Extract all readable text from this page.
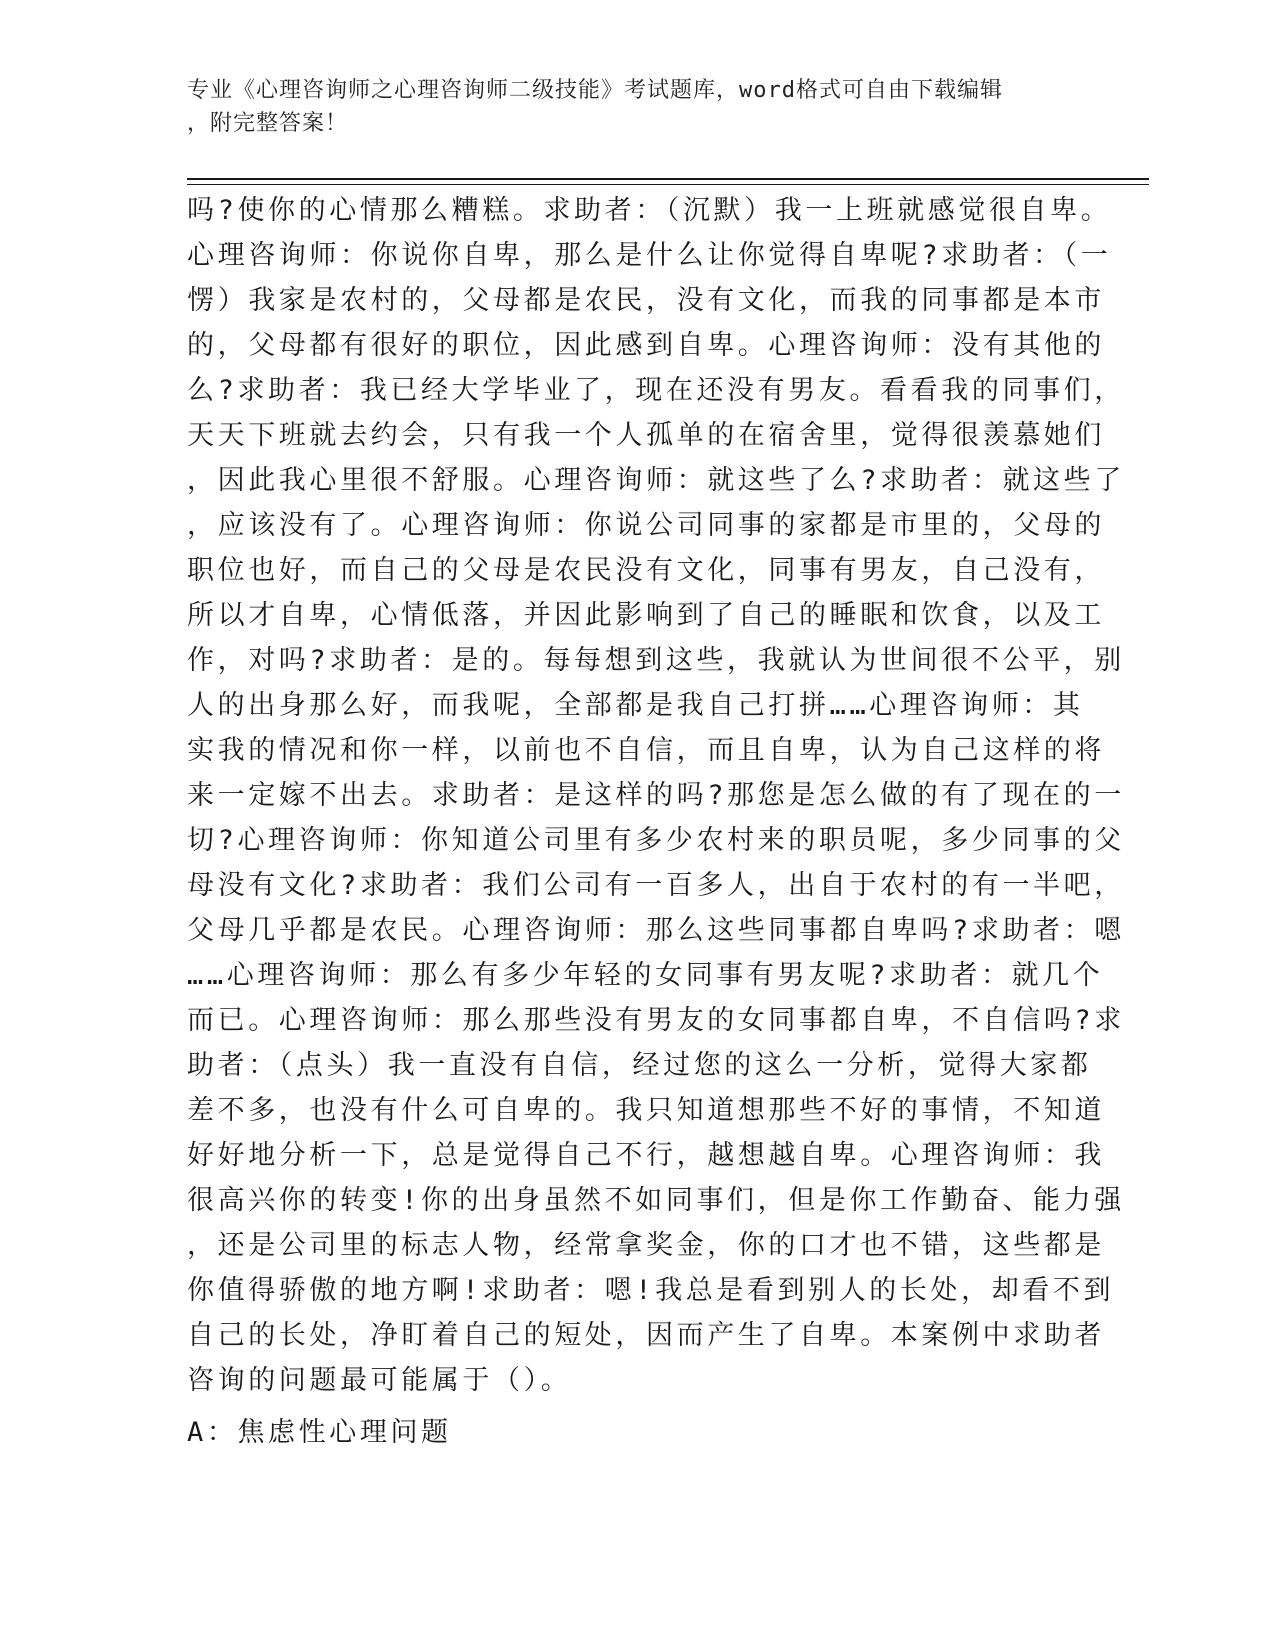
专业《心理咨询师之心理咨询师二级技能》考试题库，word格式可自由下载编辑
，附完整答案！
吗?使你的心情那么糟糕。求助者：（沉默）我一上班就感觉很自卑。
心理咨询师：你说你自卑，那么是什么让你觉得自卑呢?求助者：（一
愣）我家是农村的，父母都是农民，没有文化，而我的同事都是本市
的，父母都有很好的职位，因此感到自卑。心理咨询师：没有其他的
么?求助者：我已经大学毕业了，现在还没有男友。看看我的同事们，
天天下班就去约会，只有我一个人孤单的在宿舍里，觉得很羡慕她们
，因此我心里很不舒服。心理咨询师：就这些了么?求助者：就这些了
，应该没有了。心理咨询师：你说公司同事的家都是市里的，父母的
职位也好，而自己的父母是农民没有文化，同事有男友，自己没有，
所以才自卑，心情低落，并因此影响到了自己的睡眠和饮食，以及工
作，对吗?求助者：是的。每每想到这些，我就认为世间很不公平，别
人的出身那么好，而我呢，全部都是我自己打拼……心理咨询师：其
实我的情况和你一样，以前也不自信，而且自卑，认为自己这样的将
来一定嫁不出去。求助者：是这样的吗?那您是怎么做的有了现在的一
切?心理咨询师：你知道公司里有多少农村来的职员呢，多少同事的父
母没有文化?求助者：我们公司有一百多人，出自于农村的有一半吧，
父母几乎都是农民。心理咨询师：那么这些同事都自卑吗?求助者：嗯
……心理咨询师：那么有多少年轻的女同事有男友呢?求助者：就几个
而已。心理咨询师：那么那些没有男友的女同事都自卑，不自信吗?求
助者：（点头）我一直没有自信，经过您的这么一分析，觉得大家都
差不多，也没有什么可自卑的。我只知道想那些不好的事情，不知道
好好地分析一下，总是觉得自己不行，越想越自卑。心理咨询师：我
很高兴你的转变!你的出身虽然不如同事们，但是你工作勤奋、能力强
，还是公司里的标志人物，经常拿奖金，你的口才也不错，这些都是
你值得骄傲的地方啊!求助者：嗯!我总是看到别人的长处，却看不到
自己的长处，净盯着自己的短处，因而产生了自卑。本案例中求助者
咨询的问题最可能属于（）。
A：焦虑性心理问题
